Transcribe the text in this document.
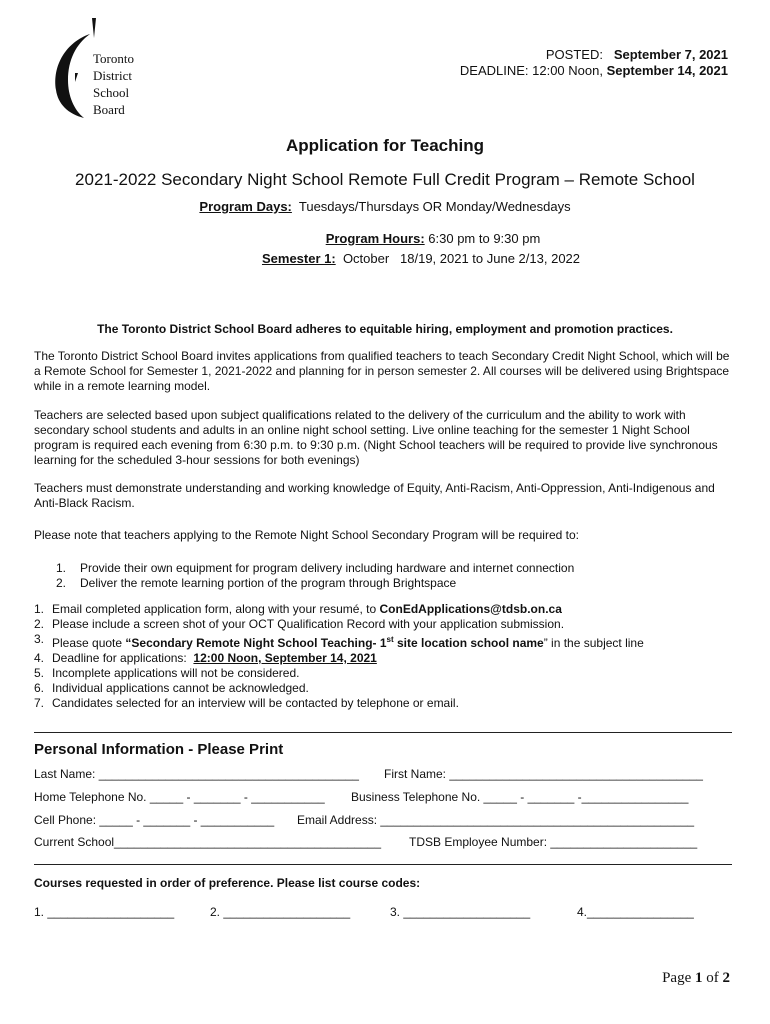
Toronto
District
School
Board
POSTED: September 7, 2021
DEADLINE: 12:00 Noon, September 14, 2021
Application for Teaching
2021-2022 Secondary Night School Remote Full Credit Program – Remote School
Program Days: Tuesdays/Thursdays OR Monday/Wednesdays
Program Hours: 6:30 pm to 9:30 pm
Semester 1: October   18/19, 2021 to June 2/13, 2022
The Toronto District School Board adheres to equitable hiring, employment and promotion practices.
The Toronto District School Board invites applications from qualified teachers to teach Secondary Credit Night School, which will be a Remote School for Semester 1, 2021-2022 and planning for in person semester 2. All courses will be delivered using Brightspace while in a remote learning model.
Teachers are selected based upon subject qualifications related to the delivery of the curriculum and the ability to work with secondary school students and adults in an online night school setting. Live online teaching for the semester 1 Night School program is required each evening from 6:30 p.m. to 9:30 p.m. (Night School teachers will be required to provide live synchronous learning for the scheduled 3-hour sessions for both evenings)
Teachers must demonstrate understanding and working knowledge of Equity, Anti-Racism, Anti-Oppression, Anti-Indigenous and Anti-Black Racism.
Please note that teachers applying to the Remote Night School Secondary Program will be required to:
1.	Provide their own equipment for program delivery including hardware and internet connection
2.	Deliver the remote learning portion of the program through Brightspace
1. Email completed application form, along with your resumé, to ConEdApplications@tdsb.on.ca
2. Please include a screen shot of your OCT Qualification Record with your application submission.
3. Please quote “Secondary Remote Night School Teaching- 1st site location school name” in the subject line
4. Deadline for applications:  12:00 Noon, September 14, 2021
5. Incomplete applications will not be considered.
6. Individual applications cannot be acknowledged.
7. Candidates selected for an interview will be contacted by telephone or email.
Personal Information - Please Print
Last Name: _______________________________________ First Name: ______________________________________
Home Telephone No. _____ - _______ - ___________ Business Telephone No. _____ - _______ -________________
Cell Phone: _____ - _______ - ___________ Email Address: _______________________________________________
Current School________________________________________ TDSB Employee Number: ______________________
Courses requested in order of preference. Please list course codes:
1. ___________________	2. ___________________	3. ___________________	4.________________
Page 1 of 2
